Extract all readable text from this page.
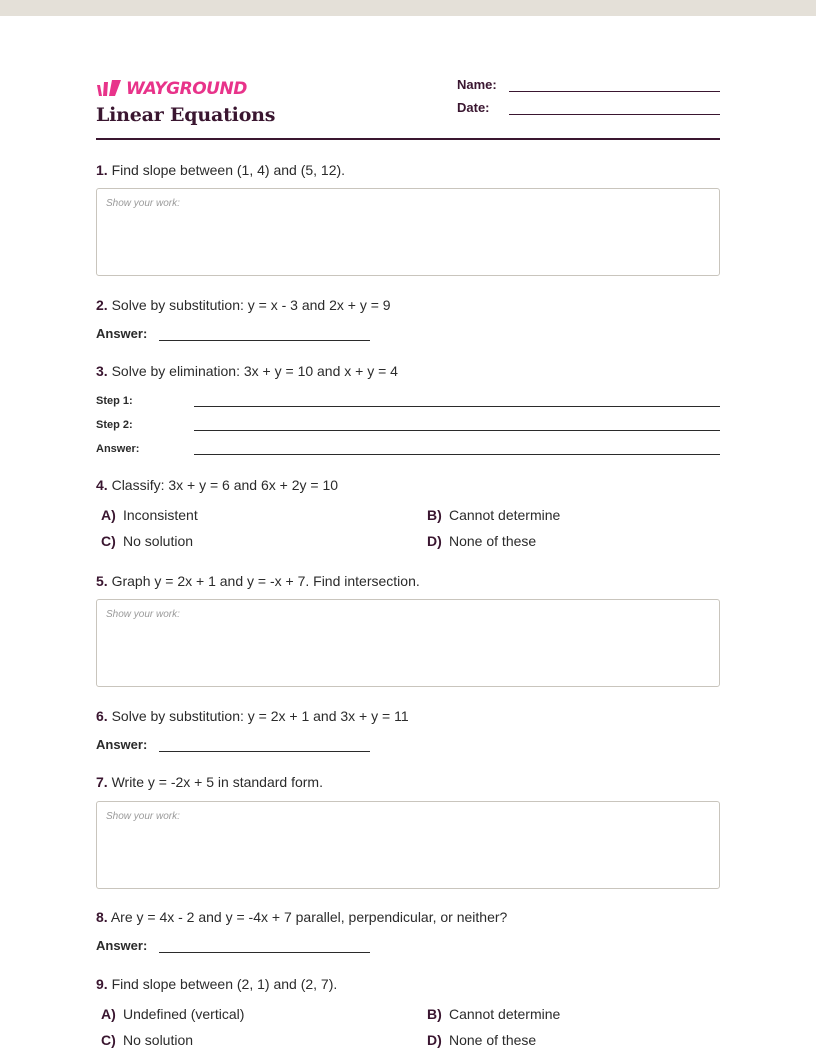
WAYGROUND
Linear Equations
Name:
Date:
1. Find slope between (1, 4) and (5, 12).
Show your work:
2. Solve by substitution: y = x - 3 and 2x + y = 9
Answer:
3. Solve by elimination: 3x + y = 10 and x + y = 4
Step 1:
Step 2:
Answer:
4. Classify: 3x + y = 6 and 6x + 2y = 10
A) Inconsistent	B) Cannot determine
C) No solution	D) None of these
5. Graph y = 2x + 1 and y = -x + 7. Find intersection.
Show your work:
6. Solve by substitution: y = 2x + 1 and 3x + y = 11
Answer:
7. Write y = -2x + 5 in standard form.
Show your work:
8. Are y = 4x - 2 and y = -4x + 7 parallel, perpendicular, or neither?
Answer:
9. Find slope between (2, 1) and (2, 7).
A) Undefined (vertical)	B) Cannot determine
C) No solution	D) None of these
